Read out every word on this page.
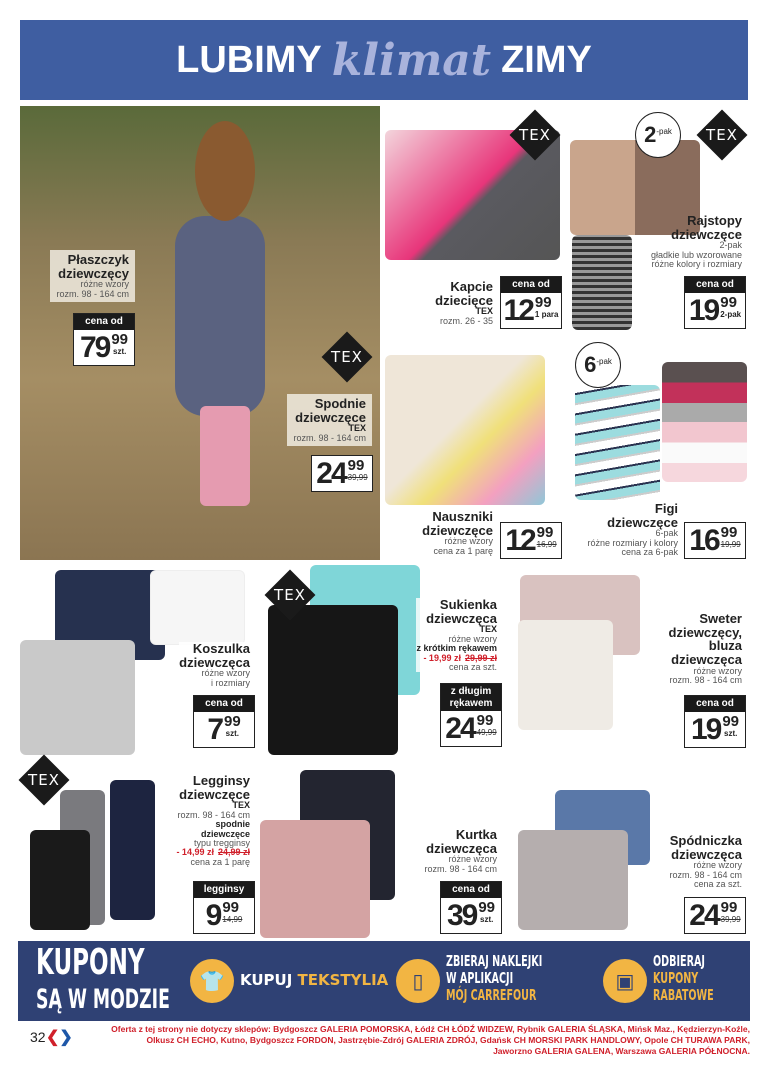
LUBIMY klimat ZIMY
TEX	TEX
TEX
TEX
TEX
2 -pak
6 -pak
Płaszczyk
dziewczęcy
różne wzory
rozm. 98 - 164 cm
cena od
79 99
szt.
Spodnie
dziewczęce
TEX
rozm. 98 - 164 cm
24 99
39,99
Kapcie
dziecięce
TEX
rozm. 26 - 35
cena od
12 99
1 para
Rajstopy
dziewczęce
2-pak
gładkie lub wzorowane
różne kolory i rozmiary
cena od
19 99
2-pak
Nauszniki
dziewczęce
różne wzory
cena za 1 parę 12 99
16,99
Figi
dziewczęce
6-pak
różne rozmiary i kolory
cena za 6-pak 16 99
19,99
Koszulka
dziewczęca
różne wzory
i rozmiary
cena od
7 99
szt.
Sukienka
dziewczęca
TEX
różne wzory
z krótkim rękawem
- 19,99 zł 29,99 zł
cena za szt.
z długim rękawem
24 99
49,99
Sweter
dziewczęcy,
bluza
dziewczęca
różne wzory
rozm. 98 - 164 cm
cena od
19 99
szt.
Legginsy
dziewczęce
TEX
rozm. 98 - 164 cm
spodnie
dziewczęce
typu tregginsy
- 14,99 zł 24,99 zł
cena za 1 parę
legginsy
9 99
14,99
Kurtka
dziewczęca
różne wzory
rozm. 98 - 164 cm
cena od
39 99
szt.
Spódniczka
dziewczęca
różne wzory
rozm. 98 - 164 cm
cena za szt.
24 99
39,99
KUPONY
SĄ W MODZIE
👕	KUPUJ TEKSTYLIA	▯
ZBIERAJ NAKLEJKI
W APLIKACJI
MÓJ CARREFOUR
▣
ODBIERAJ
KUPONY
RABATOWE
32 ❮❯	Oferta z tej strony nie dotyczy sklepów: Bydgoszcz GALERIA POMORSKA, Łódź CH ŁÓDŹ WIDZEW, Rybnik GALERIA ŚLĄSKA, Mińsk Maz., Kędzierzyn-Koźle, Olkusz CH ECHO, Kutno, Bydgoszcz FORDON, Jastrzębie-Zdrój GALERIA ZDRÓJ, Gdańsk CH MORSKI PARK HANDLOWY, Opole CH TURAWA PARK, Jaworzno GALERIA GALENA, Warszawa GALERIA PÓŁNOCNA.
